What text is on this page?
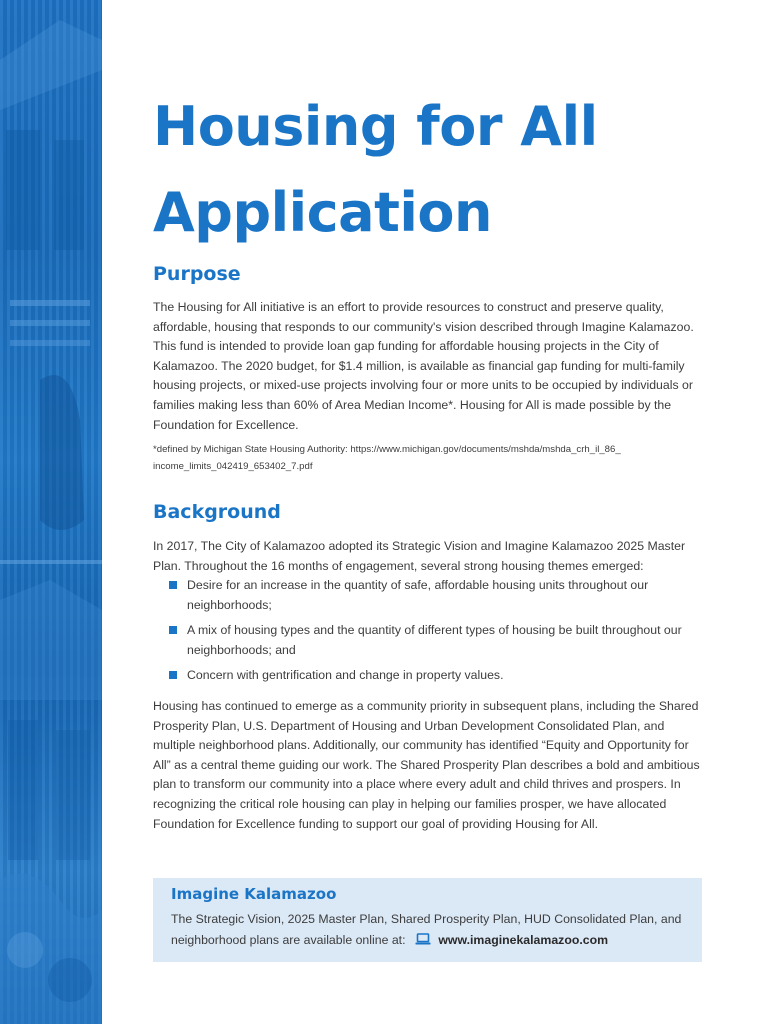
Housing for All
Application
Purpose

The Housing for All initiative is an effort to provide resources to construct and preserve quality, affordable, housing that responds to our community's vision described through Imagine Kalamazoo. This fund is intended to provide loan gap funding for affordable housing projects in the City of Kalamazoo. The 2020 budget, for $1.4 million, is available as financial gap funding for multi-family housing projects, or mixed-use projects involving four or more units to be occupied by individuals or families making less than 60% of Area Median Income*. Housing for All is made possible by the Foundation for Excellence.

*defined by Michigan State Housing Authority: https://www.michigan.gov/documents/mshda/mshda_crh_il_86_ income_limits_042419_653402_7.pdf

Background

In 2017, The City of Kalamazoo adopted its Strategic Vision and Imagine Kalamazoo 2025 Master Plan. Throughout the 16 months of engagement, several strong housing themes emerged:

Desire for an increase in the quantity of safe, affordable housing units throughout our neighborhoods;
A mix of housing types and the quantity of different types of housing be built throughout our neighborhoods; and
Concern with gentrification and change in property values.

Housing has continued to emerge as a community priority in subsequent plans, including the Shared Prosperity Plan, U.S. Department of Housing and Urban Development Consolidated Plan, and multiple neighborhood plans. Additionally, our community has identified “Equity and Opportunity for All” as a central theme guiding our work. The Shared Prosperity Plan describes a bold and ambitious plan to transform our community into a place where every adult and child thrives and prospers. In recognizing the critical role housing can play in helping our families prosper, we have allocated Foundation for Excellence funding to support our goal of providing Housing for All.

Imagine Kalamazoo

The Strategic Vision, 2025 Master Plan, Shared Prosperity Plan, HUD Consolidated Plan, and neighborhood plans are available online at:	www.imaginekalamazoo.com
